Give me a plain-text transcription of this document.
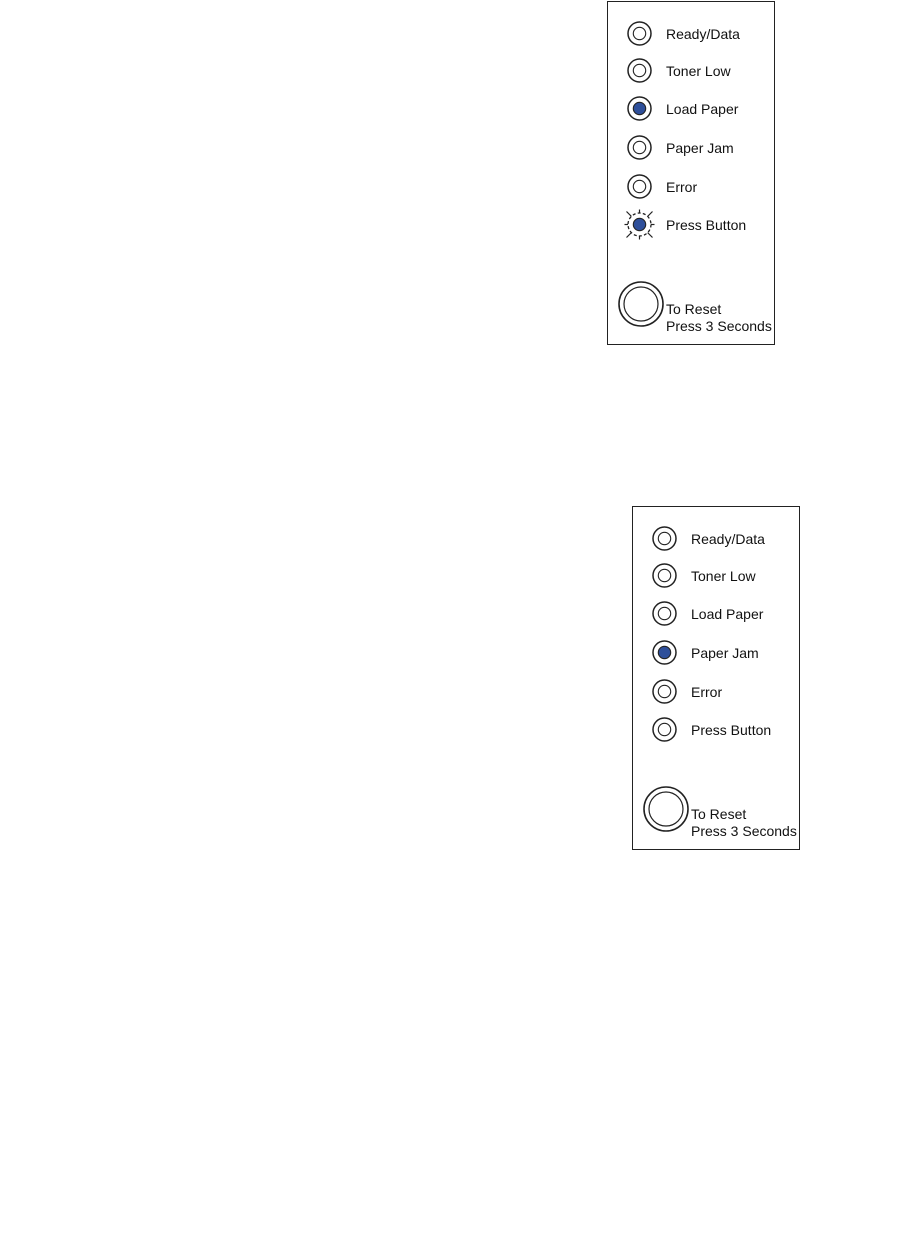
Ready/Data
Toner Low
Load Paper
Paper Jam
Error
Press Button
To Reset
Press 3 Seconds
Ready/Data
Toner Low
Load Paper
Paper Jam
Error
Press Button
To Reset
Press 3 Seconds
